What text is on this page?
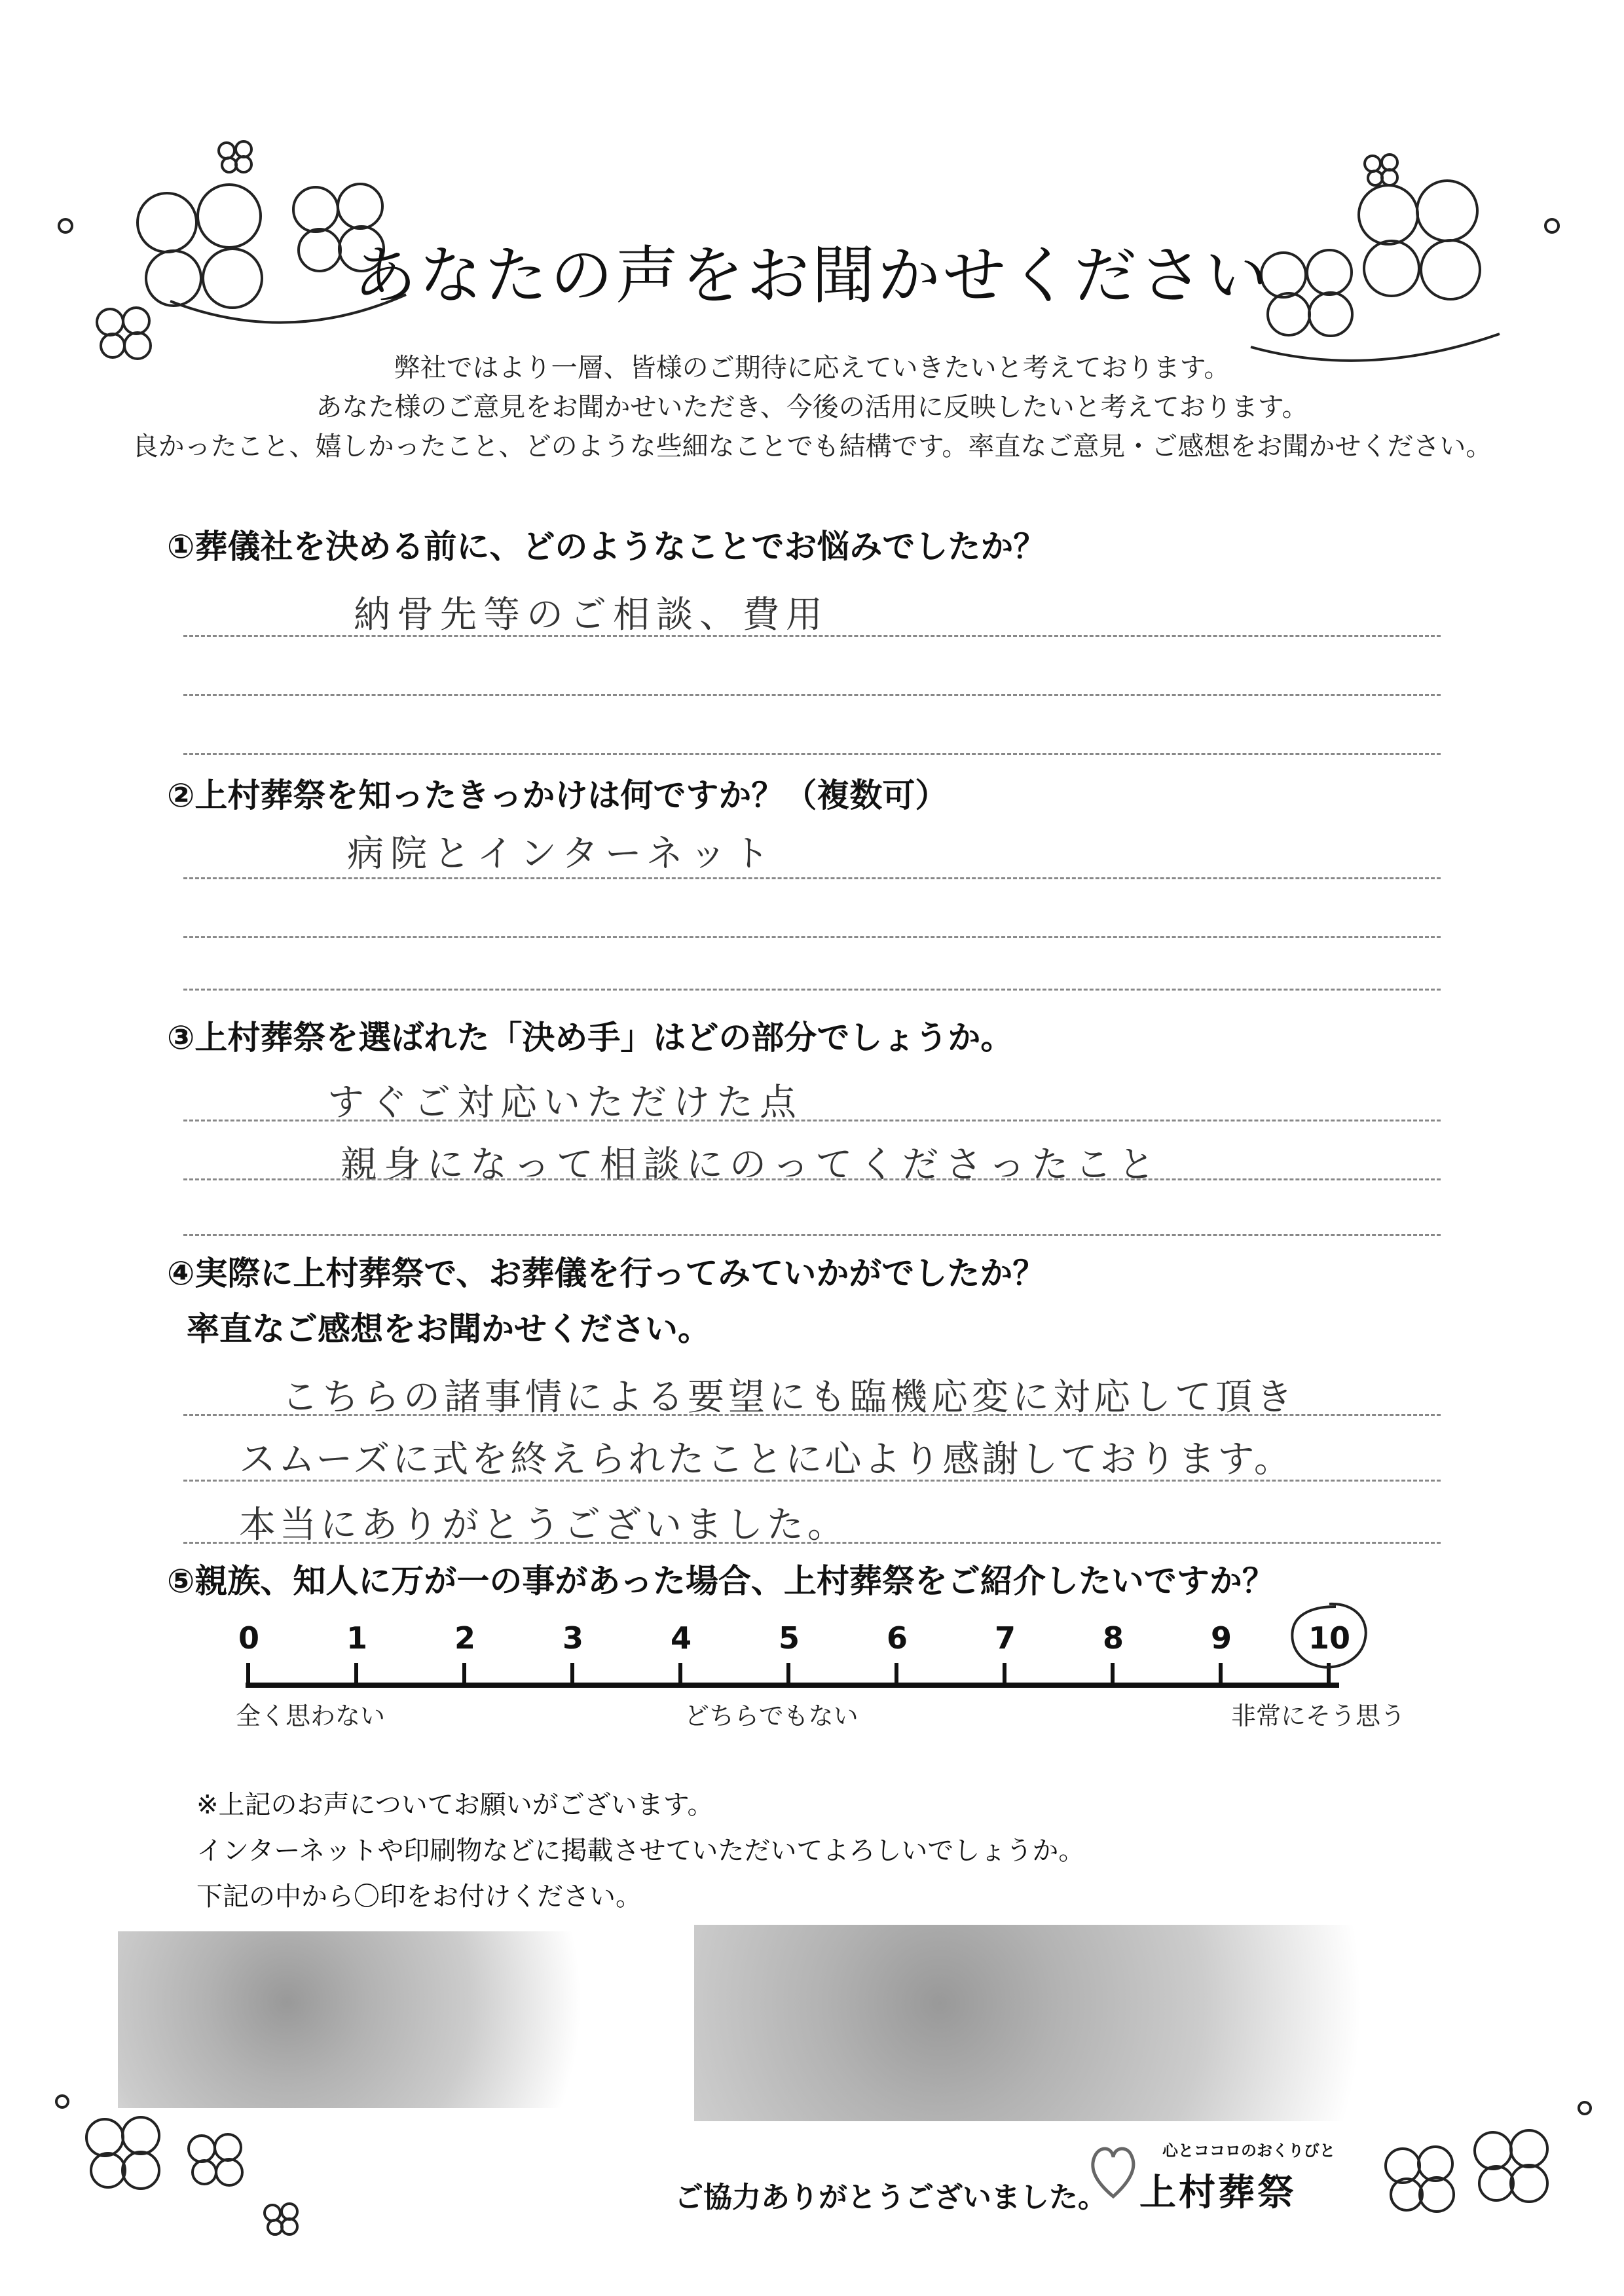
あなたの声をお聞かせください
弊社ではより一層、皆様のご期待に応えていきたいと考えております。
あなた様のご意見をお聞かせいただき、今後の活用に反映したいと考えております。
良かったこと、嬉しかったこと、どのような些細なことでも結構です。率直なご意見・ご感想をお聞かせください。
①葬儀社を決める前に、どのようなことでお悩みでしたか？
納骨先等のご相談、費用
②上村葬祭を知ったきっかけは何ですか？（複数可）
病院とインターネット
③上村葬祭を選ばれた「決め手」はどの部分でしょうか。
すぐご対応いただけた点
親身になって相談にのってくださったこと
④実際に上村葬祭で、お葬儀を行ってみていかがでしたか？
率直なご感想をお聞かせください。
こちらの諸事情による要望にも臨機応変に対応して頂き
スムーズに式を終えられたことに心より感謝しております。
本当にありがとうございました。
⑤親族、知人に万が一の事があった場合、上村葬祭をご紹介したいですか？
0	1	2	3	4	5	6	7	8	9	10
全く思わない	どちらでもない	非常にそう思う
※上記のお声についてお願いがございます。
インターネットや印刷物などに掲載させていただいてよろしいでしょうか。
下記の中から〇印をお付けください。
ご協力ありがとうございました。
心とココロのおくりびと
上村葬祭
